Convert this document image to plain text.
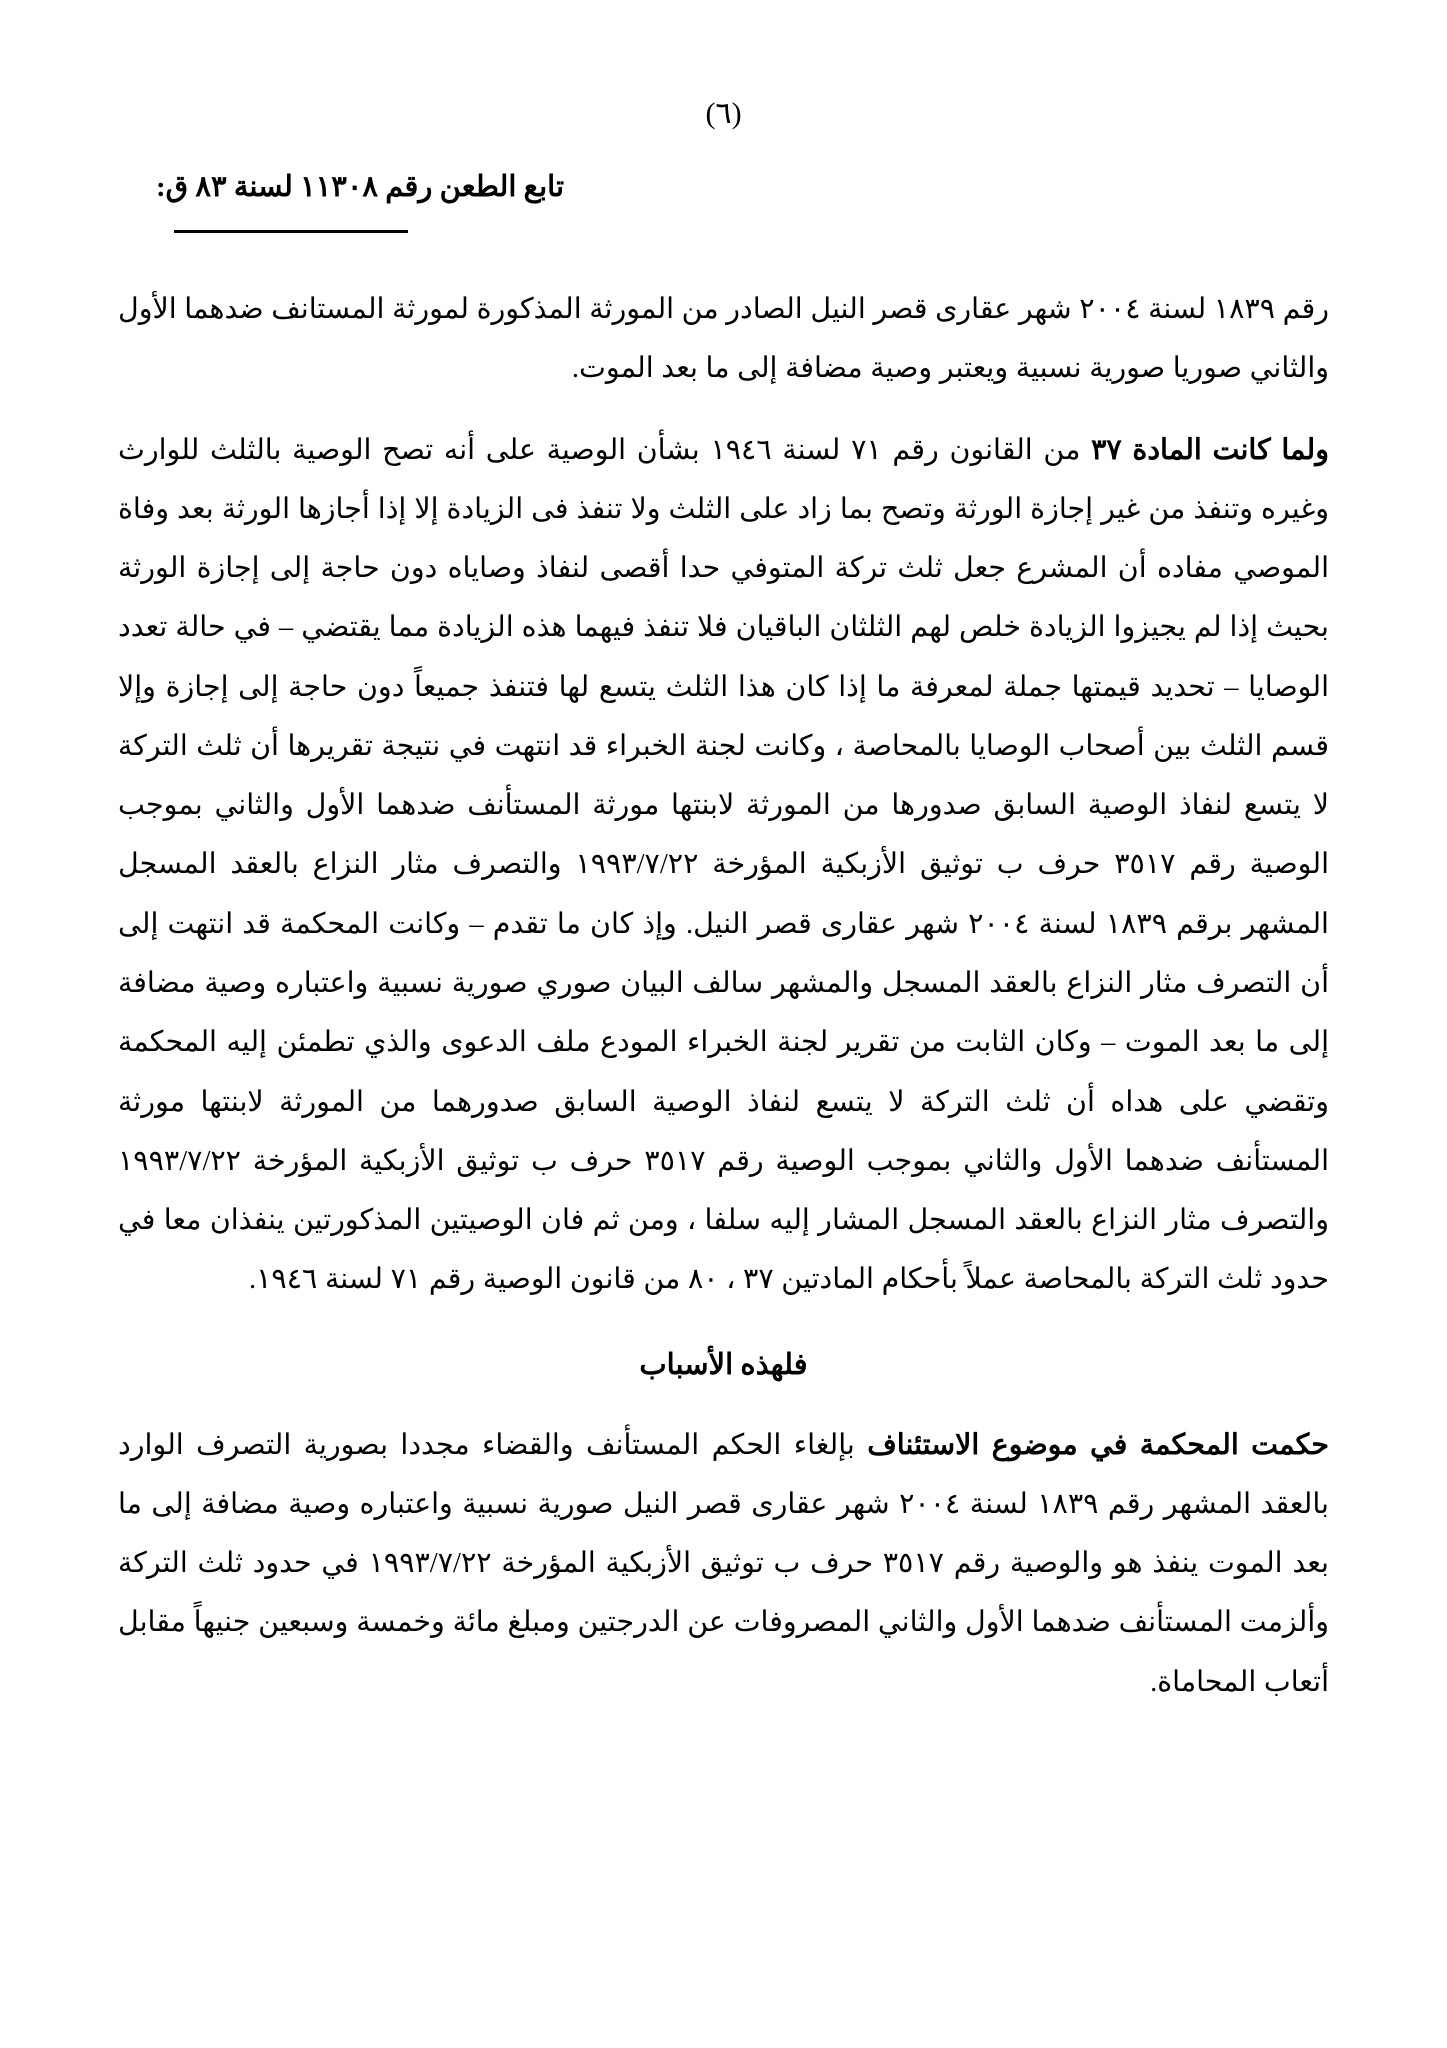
(٦)
تابع الطعن رقم ١١٣٠٨ لسنة ٨٣ ق:

رقم ١٨٣٩ لسنة ٢٠٠٤ شهر عقارى قصر النيل الصادر من المورثة المذكورة لمورثة المستانف ضدهما الأول والثاني صوريا صورية نسبية ويعتبر وصية مضافة إلى ما بعد الموت.

ولما كانت المادة ٣٧ من القانون رقم ٧١ لسنة ١٩٤٦ بشأن الوصية على أنه تصح الوصية بالثلث للوارث وغيره وتنفذ من غير إجازة الورثة وتصح بما زاد على الثلث ولا تنفذ فى الزيادة إلا إذا أجازها الورثة بعد وفاة الموصي مفاده أن المشرع جعل ثلث تركة المتوفي حدا أقصى لنفاذ وصاياه دون حاجة إلى إجازة الورثة بحيث إذا لم يجيزوا الزيادة خلص لهم الثلثان الباقيان فلا تنفذ فيهما هذه الزيادة مما يقتضي – في حالة تعدد الوصايا – تحديد قيمتها جملة لمعرفة ما إذا كان هذا الثلث يتسع لها فتنفذ جميعاً دون حاجة إلى إجازة وإلا قسم الثلث بين أصحاب الوصايا بالمحاصة ، وكانت لجنة الخبراء قد انتهت في نتيجة تقريرها أن ثلث التركة لا يتسع لنفاذ الوصية السابق صدورها من المورثة لابنتها مورثة المستأنف ضدهما الأول والثاني بموجب الوصية رقم ٣٥١٧ حرف ب توثيق الأزبكية المؤرخة ١٩٩٣/٧/٢٢ والتصرف مثار النزاع بالعقد المسجل المشهر برقم ١٨٣٩ لسنة ٢٠٠٤ شهر عقارى قصر النيل. وإذ كان ما تقدم – وكانت المحكمة قد انتهت إلى أن التصرف مثار النزاع بالعقد المسجل والمشهر سالف البيان صوري صورية نسبية واعتباره وصية مضافة إلى ما بعد الموت – وكان الثابت من تقرير لجنة الخبراء المودع ملف الدعوى والذي تطمئن إليه المحكمة وتقضي على هداه أن ثلث التركة لا يتسع لنفاذ الوصية السابق صدورهما من المورثة لابنتها مورثة المستأنف ضدهما الأول والثاني بموجب الوصية رقم ٣٥١٧ حرف ب توثيق الأزبكية المؤرخة ١٩٩٣/٧/٢٢ والتصرف مثار النزاع بالعقد المسجل المشار إليه سلفا ، ومن ثم فان الوصيتين المذكورتين ينفذان معا في حدود ثلث التركة بالمحاصة عملاً بأحكام المادتين ٣٧ ، ٨٠ من قانون الوصية رقم ٧١ لسنة ١٩٤٦.

فلهذه الأسباب

حكمت المحكمة في موضوع الاستئناف بإلغاء الحكم المستأنف والقضاء مجددا بصورية التصرف الوارد بالعقد المشهر رقم ١٨٣٩ لسنة ٢٠٠٤ شهر عقارى قصر النيل صورية نسبية واعتباره وصية مضافة إلى ما بعد الموت ينفذ هو والوصية رقم ٣٥١٧ حرف ب توثيق الأزبكية المؤرخة ١٩٩٣/٧/٢٢ في حدود ثلث التركة وألزمت المستأنف ضدهما الأول والثاني المصروفات عن الدرجتين ومبلغ مائة وخمسة وسبعين جنيهاً مقابل أتعاب المحاماة.
